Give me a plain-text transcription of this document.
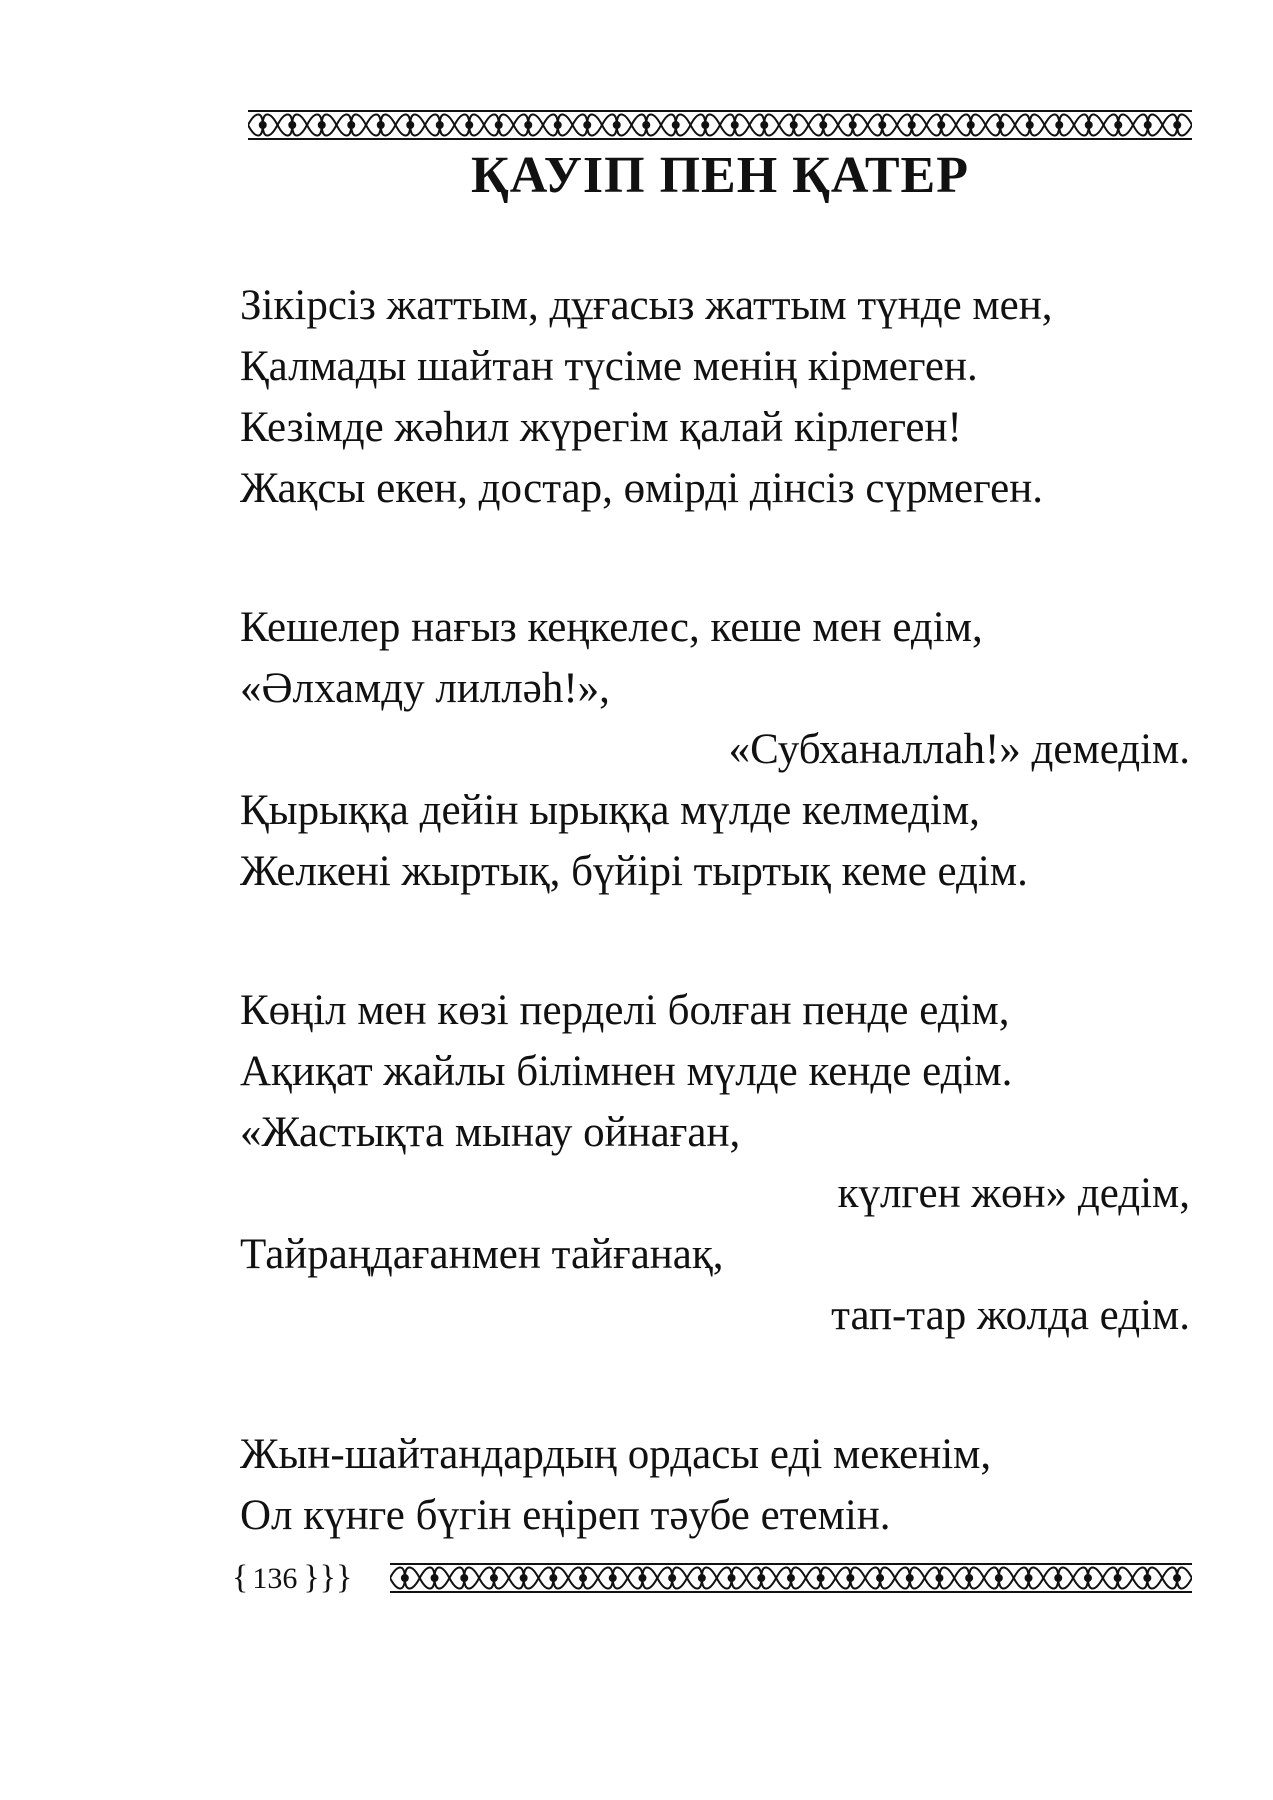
ҚАУІП ПЕН ҚАТЕР
Зікірсіз жаттым, дұғасыз жаттым түнде мен,
Қалмады шайтан түсіме менің кірмеген.
Кезімде жәһил жүрегім қалай кірлеген!
Жақсы екен, достар, өмірді дінсіз сүрмеген.
Кешелер нағыз кеңкелес, кеше мен едім,
«Әлхамду лилләһ!»,
«Субханаллаһ!» демедім.
Қырыққа дейін ырыққа мүлде келмедім,
Желкені жыртық, бүйірі тыртық кеме едім.
Көңіл мен көзі перделі болған пенде едім,
Ақиқат жайлы білімнен мүлде кенде едім.
«Жастықта мынау ойнаған,
күлген жөн» дедім,
Тайраңдағанмен тайғанақ,
тап-тар жолда едім.
Жын-шайтандардың ордасы еді мекенім,
Ол күнге бүгін еңіреп тәубе етемін.
{ 136 }}}
